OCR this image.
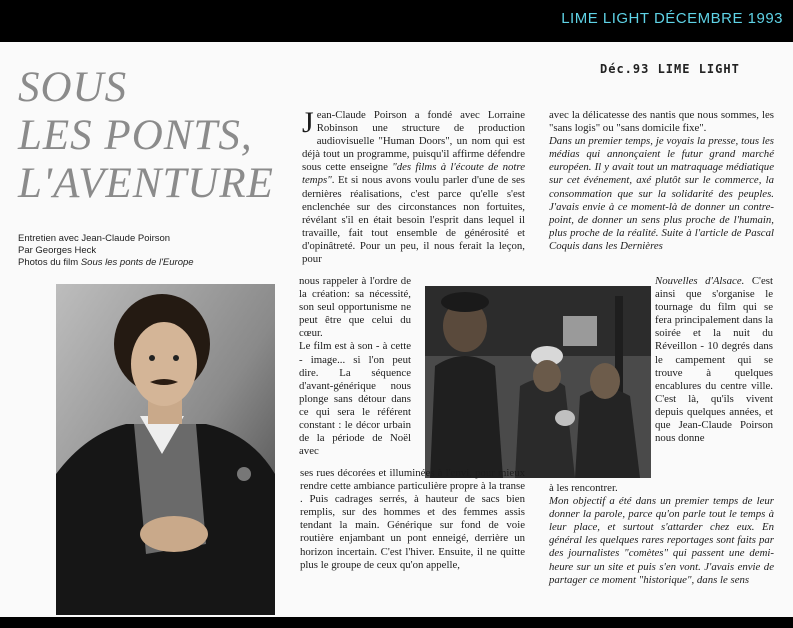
LIME LIGHT DÉCEMBRE 1993
SOUS
LES PONTS,
L'AVENTURE
Déc.93 LIME LIGHT
Entretien avec Jean-Claude Poirson
Par Georges Heck
Photos du film Sous les ponts de l'Europe

Jean-Claude Poirson a fondé avec Lorraine Robinson une structure de production audiovisuelle "Human Doors", un nom qui est déjà tout un programme, puisqu'il affirme défendre sous cette enseigne "des films à l'écoute de notre temps". Et si nous avons voulu parler d'une de ses dernières réalisations, c'est parce qu'elle s'est enclenchée sur des circonstances non fortuites, révélant s'il en était besoin l'esprit dans lequel il travaille, fait tout ensemble de générosité et d'opinâtreté. Pour un peu, il nous ferait la leçon, pour

nous rappeler à l'ordre de la création: sa nécessité, son seul opportunisme ne peut être que celui du cœur.

Le film est à son - à cette - image... si l'on peut dire. La séquence d'avant-générique nous plonge sans détour dans ce qui sera le référent constant : le décor urbain de la période de Noël avec

ses rues décorées et illuminées à l'envi, pour mieux rendre cette ambiance particulière propre à la transe . Puis cadrages serrés, à hauteur de sacs bien remplis, sur des hommes et des femmes assis tendant la main. Générique sur fond de voie routière enjambant un pont enneigé, derrière un horizon incertain. C'est l'hiver. Ensuite, il ne quitte plus le groupe de ceux qu'on appelle,

avec la délicatesse des nantis que nous sommes, les "sans logis" ou "sans domicile fixe".

Dans un premier temps, je voyais la presse, tous les médias qui annonçaient le futur grand marché européen. Il y avait tout un matraquage médiatique sur cet événement, axé plutôt sur le commerce, la consommation que sur la solidarité des peuples. J'avais envie à ce moment-là de donner un contre-point, de donner un sens plus proche de l'humain, plus proche de la réalité. Suite à l'article de Pascal Coquis dans les Dernières

Nouvelles d'Alsace. C'est ainsi que s'organise le tournage du film qui se fera principalement dans la soirée et la nuit du Réveillon - 10 degrés dans le campement qui se trouve à quelques encablures du centre ville. C'est là, qu'ils vivent depuis quelques années, et que Jean-Claude Poirson nous donne

à les rencontrer.

Mon objectif a été dans un premier temps de leur donner la parole, parce qu'on parle tout le temps à leur place, et surtout s'attarder chez eux. En général les quelques rares reportages sont faits par des journalistes "comètes" qui passent une demi-heure sur un site et puis s'en vont. J'avais envie de partager ce moment "historique", dans le sens
